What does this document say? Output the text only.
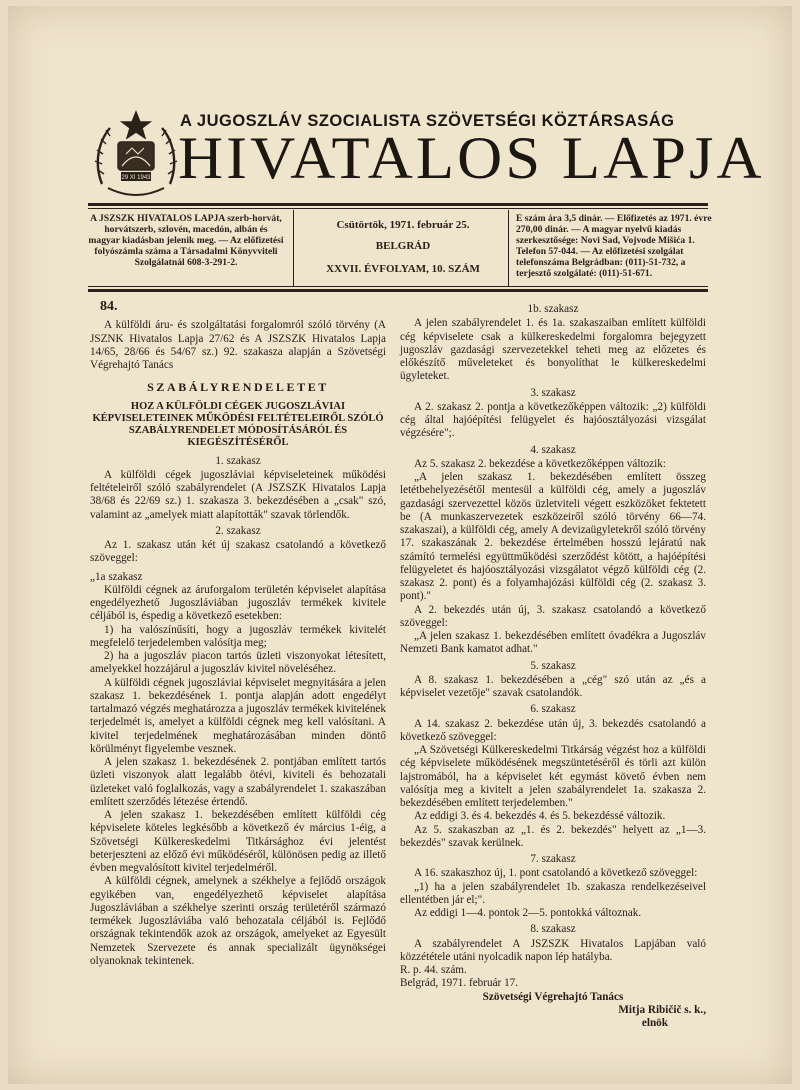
29 XI 1943
A JUGOSZLÁV SZOCIALISTA SZÖVETSÉGI KÖZTÁRSASÁG
HIVATALOS LAPJA
A JSZSZK HIVATALOS LAPJA szerb-horvát, horvátszerb, szlovén, macedón, albán és magyar kiadásban jelenik meg. — Az előfizetési folyószámla száma a Társadalmi Könyvviteli Szolgálatnál 608-3-291-2.
Csütörtök, 1971. február 25.
BELGRÁD
XXVII. ÉVFOLYAM, 10. SZÁM
E szám ára 3,5 dinár. — Előfizetés az 1971. évre 270,00 dinár. — A magyar nyelvű kiadás szerkesztősége: Novi Sad, Vojvode Mišića 1. Telefon 57-044. — Az előfizetési szolgálat telefonszáma Belgrádban: (011)-51-732, a terjesztő szolgálaté: (011)-51-671.
84.

A külföldi áru- és szolgáltatási forgalomról szóló törvény (A JSZNK Hivatalos Lapja 27/62 és A JSZSZK Hivatalos Lapja 14/65, 28/66 és 54/67 sz.) 92. szakasza alapján a Szövetségi Végrehajtó Tanács

SZABÁLYRENDELETET
HOZ A KÜLFÖLDI CÉGEK JUGOSZLÁVIAI KÉPVISELETEINEK MŰKÖDÉSI FELTÉTELEIRŐL SZÓLÓ SZABÁLYRENDELET MÓDOSÍTÁSÁRÓL ÉS KIEGÉSZÍTÉSÉRŐL
1. szakasz

A külföldi cégek jugoszláviai képviseleteinek működési feltételeiről szóló szabályrendelet (A JSZSZK Hivatalos Lapja 38/68 és 22/69 sz.) 1. szakasza 3. bekezdésében a „csak" szó, valamint az „amelyek miatt alapították" szavak törlendők.

2. szakasz

Az 1. szakasz után két új szakasz csatolandó a következő szöveggel:

„1a szakasz

Külföldi cégnek az áruforgalom területén képviselet alapítása engedélyezhető Jugoszláviában jugoszláv termékek kivitele céljából is, éspedig a következő esetekben:

1) ha valószínűsíti, hogy a jugoszláv termékek kivitelét megfelelő terjedelemben valósítja meg;

2) ha a jugoszláv piacon tartós üzleti viszonyokat létesített, amelyekkel hozzájárul a jugoszláv kivitel növeléséhez.

A külföldi cégnek jugoszláviai képviselet megnyitására a jelen szakasz 1. bekezdésének 1. pontja alapján adott engedélyt tartalmazó végzés meghatározza a jugoszláv termékek kivitelének terjedelmét is, amelyet a külföldi cégnek meg kell valósítani. A kivitel terjedelmének meghatározásában minden döntő körülményt figyelembe vesznek.

A jelen szakasz 1. bekezdésének 2. pontjában említett tartós üzleti viszonyok alatt legalább ötévi, kiviteli és behozatali üzleteket való foglalkozás, vagy a szabályrendelet 1. szakaszában említett szerződés létezése értendő.

A jelen szakasz 1. bekezdésében említett külföldi cég képviselete köteles legkésőbb a következő év március 1-éig, a Szövetségi Külkereskedelmi Titkársághoz évi jelentést beterjeszteni az előző évi működéséről, különösen pedig az illető évben megvalósított kivitel terjedelméről.

A külföldi cégnek, amelynek a székhelye a fejlődő országok egyikében van, engedélyezhető képviselet alapítása Jugoszláviában a székhelye szerinti ország területéről származó termékek Jugoszláviába való behozatala céljából is. Fejlődő országnak tekintendők azok az országok, amelyeket az Egyesült Nemzetek Szervezete és annak specializált ügynökségei olyanoknak tekintenek.

1b. szakasz

A jelen szabályrendelet 1. és 1a. szakaszaiban említett külföldi cég képviselete csak a külkereskedelmi forgalomra bejegyzett jugoszláv gazdasági szervezetekkel teheti meg az előzetes és előkészítő műveleteket és bonyolíthat le külkereskedelmi ügyleteket.

3. szakasz

A 2. szakasz 2. pontja a következőképpen változik: „2) külföldi cég által hajóépítési felügyelet és hajóosztályozási vizsgálat végzésére";.

4. szakasz

Az 5. szakasz 2. bekezdése a következőképpen változik:

„A jelen szakasz 1. bekezdésében említett összeg letétbehelyezésétől mentesül a külföldi cég, amely a jugoszláv gazdasági szervezettel közös üzletviteli végett eszközöket fektetett be (A munkaszervezetek eszközeiről szóló törvény 66—74. szakaszai), a külföldi cég, amely A devizaügyletekről szóló törvény 17. szakaszának 2. bekezdése értelmében hosszú lejáratú nak számító termelési együttműködési szerződést kötött, a hajóépítési felügyeletet és hajóosztályozási vizsgálatot végző külföldi cég (2. szakasz 2. pont) és a folyamhajózási külföldi cég (2. szakasz 3. pont)."

A 2. bekezdés után új, 3. szakasz csatolandó a következő szöveggel:

„A jelen szakasz 1. bekezdésében említett óvadékra a Jugoszláv Nemzeti Bank kamatot adhat."

5. szakasz

A 8. szakasz 1. bekezdésében a „cég" szó után az „és a képviselet vezetője" szavak csatolandók.

6. szakasz

A 14. szakasz 2. bekezdése után új, 3. bekezdés csatolandó a következő szöveggel:

„A Szövetségi Külkereskedelmi Titkárság végzést hoz a külföldi cég képviselete működésének megszüntetéséről és törli azt külön lajstromából, ha a képviselet két egymást követő évben nem valósítja meg a kivitelt a jelen szabályrendelet 1a. szakasza 2. bekezdésében említett terjedelemben."

Az eddigi 3. és 4. bekezdés 4. és 5. bekezdéssé változik.

Az 5. szakaszban az „1. és 2. bekezdés" helyett az „1—3. bekezdés" szavak kerülnek.

7. szakasz

A 16. szakaszhoz új, 1. pont csatolandó a következő szöveggel:

„1) ha a jelen szabályrendelet 1b. szakasza rendelkezéseivel ellentétben jár el;".

Az eddigi 1—4. pontok 2—5. pontokká változnak.

8. szakasz

A szabályrendelet A JSZSZK Hivatalos Lapjában való közzététele utáni nyolcadik napon lép hatályba.

R. p. 44. szám.

Belgrád, 1971. február 17.

Szövetségi Végrehajtó Tanács
Mitja Ribičič s. k.,
elnök
